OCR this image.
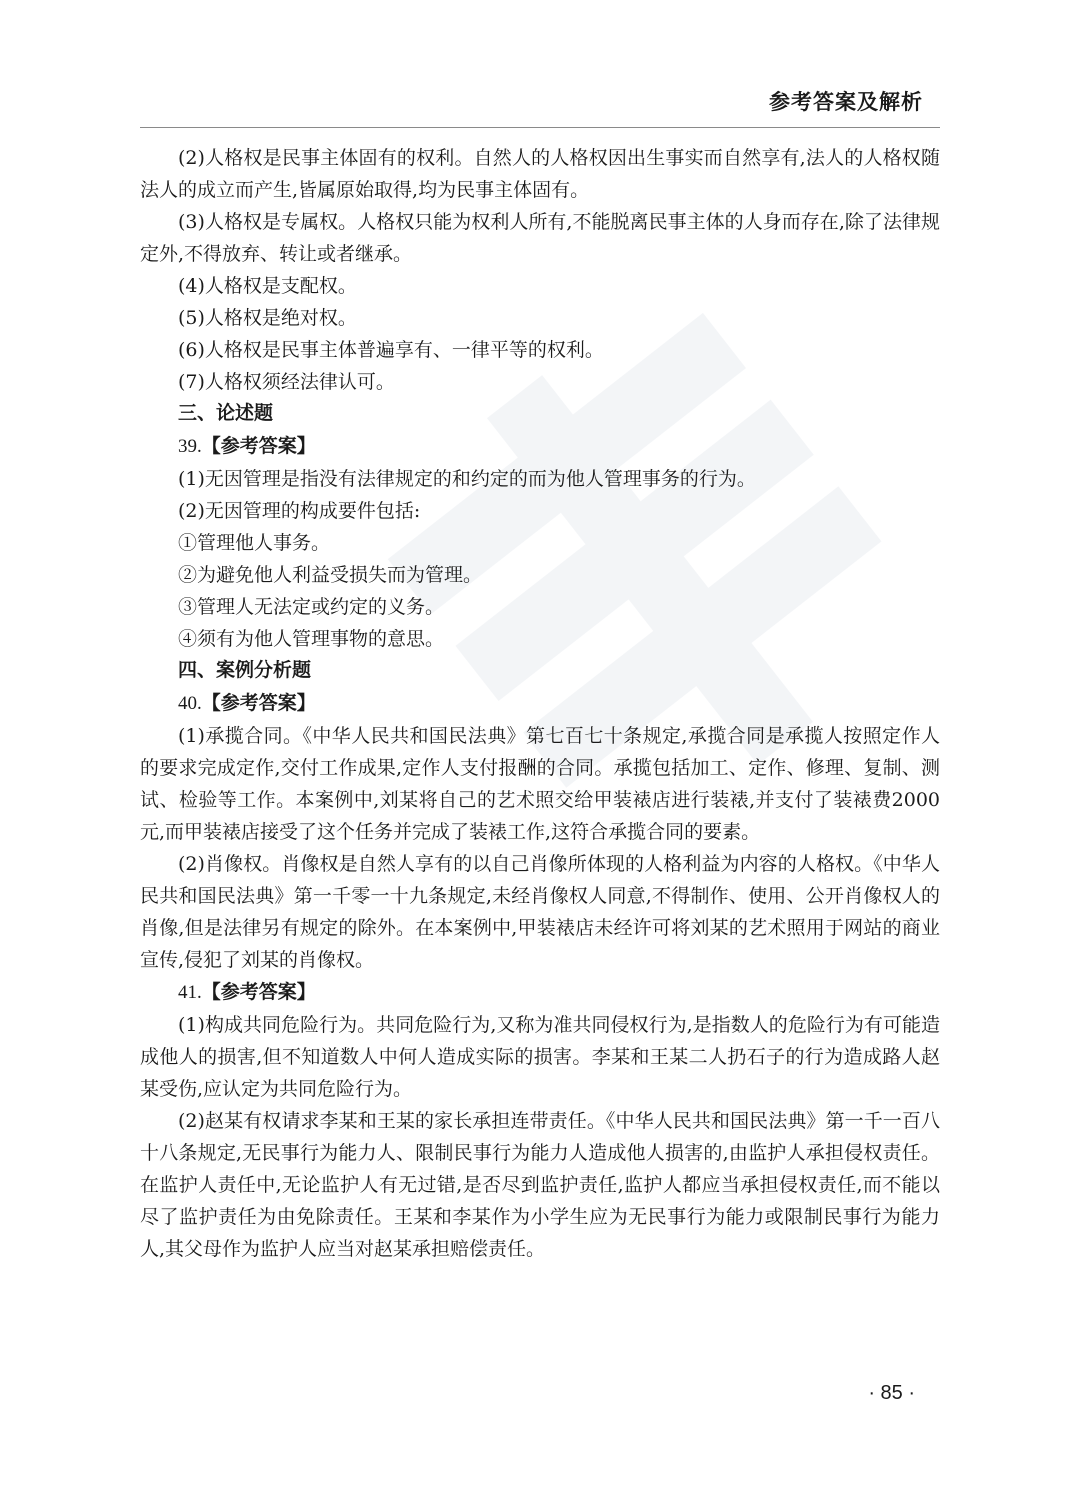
参考答案及解析

(2)人格权是民事主体固有的权利。自然人的人格权因出生事实而自然享有,法人的人格权随法人的成立而产生,皆属原始取得,均为民事主体固有。

(3)人格权是专属权。人格权只能为权利人所有,不能脱离民事主体的人身而存在,除了法律规定外,不得放弃、转让或者继承。

(4)人格权是支配权。

(5)人格权是绝对权。

(6)人格权是民事主体普遍享有、一律平等的权利。

(7)人格权须经法律认可。

三、论述题

39.【参考答案】

(1)无因管理是指没有法律规定的和约定的而为他人管理事务的行为。

(2)无因管理的构成要件包括:

①管理他人事务。

②为避免他人利益受损失而为管理。

③管理人无法定或约定的义务。

④须有为他人管理事物的意思。

四、案例分析题

40.【参考答案】

(1)承揽合同。《中华人民共和国民法典》第七百七十条规定,承揽合同是承揽人按照定作人的要求完成定作,交付工作成果,定作人支付报酬的合同。承揽包括加工、定作、修理、复制、测试、检验等工作。本案例中,刘某将自己的艺术照交给甲装裱店进行装裱,并支付了装裱费2000元,而甲装裱店接受了这个任务并完成了装裱工作,这符合承揽合同的要素。

(2)肖像权。肖像权是自然人享有的以自己肖像所体现的人格利益为内容的人格权。《中华人民共和国民法典》第一千零一十九条规定,未经肖像权人同意,不得制作、使用、公开肖像权人的肖像,但是法律另有规定的除外。在本案例中,甲装裱店未经许可将刘某的艺术照用于网站的商业宣传,侵犯了刘某的肖像权。

41.【参考答案】

(1)构成共同危险行为。共同危险行为,又称为准共同侵权行为,是指数人的危险行为有可能造成他人的损害,但不知道数人中何人造成实际的损害。李某和王某二人扔石子的行为造成路人赵某受伤,应认定为共同危险行为。

(2)赵某有权请求李某和王某的家长承担连带责任。《中华人民共和国民法典》第一千一百八十八条规定,无民事行为能力人、限制民事行为能力人造成他人损害的,由监护人承担侵权责任。在监护人责任中,无论监护人有无过错,是否尽到监护责任,监护人都应当承担侵权责任,而不能以尽了监护责任为由免除责任。王某和李某作为小学生应为无民事行为能力或限制民事行为能力人,其父母作为监护人应当对赵某承担赔偿责任。

· 85 ·
